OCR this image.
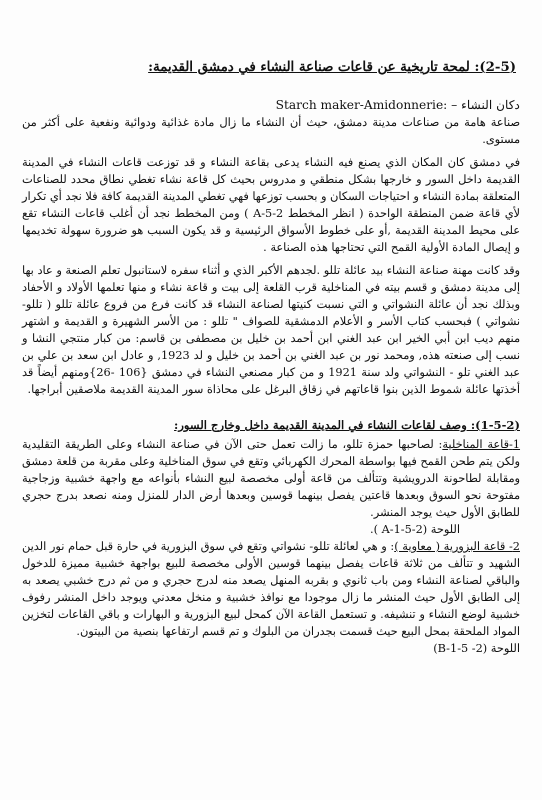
(2-5): لمحة تاريخية عن قاعات صناعة النشاء في دمشق القديمة:
دكان النشاء – Starch maker-Amidonnerie:

صناعة هامة من صناعات مدينة دمشق، حيث أن النشاء ما زال مادة غذائية ودوائية ونفعية على أكثر من مستوى.

في دمشق كان المكان الذي يصنع فيه النشاء يدعى بقاعة النشاء و قد توزعت قاعات النشاء في المدينة القديمة داخل السور و خارجها بشكل منطقي و مدروس بحيث كل قاعة نشاء تغطي نطاق محدد للصناعات المتعلقة بمادة النشاء و احتياجات السكان و بحسب توزعها فهي تغطي المدينة القديمة كافة فلا نجد أي تكرار لأي قاعة ضمن المنطقة الواحدة ( انظر المخطط A-5-2 ) ومن المخطط نجد أن أغلب قاعات النشاء تقع على محيط المدينة القديمة ,أو على خطوط الأسواق الرئيسية و قد يكون السبب هو ضرورة سهولة تخديمها و إيصال المادة الأولية القمح التي تحتاجها هذه الصناعة .

وقد كانت مهنة صناعة النشاء بيد عائلة تللو .لجدهم الأكبر الذي و أثناء سفره لاستانبول تعلم الصنعة و عاد بها إلى مدينة دمشق و قسم بيته في المناخلية قرب القلعة إلى بيت و قاعة نشاء و منها تعلمها الأولاد و الأحفاد وبذلك نجد أن عائلة النشواتي و التي نسبت كنيتها لصناعة النشاء قد كانت فرع من فروع عائلة تللو ( تللو- نشواتي ) فبحسب كتاب الأسر و الأعلام الدمشقية للصواف " تللو : من الأسر الشهيرة و القديمة و اشتهر منهم ديب ابن أبي الخير ابن عبد الغني ابن أحمد بن خليل بن مصطفى بن قاسم: من كبار منتجي النشا و نسب إلى صنعته هذه, ومحمد نور بن عبد الغني بن أحمد بن خليل و لد 1923, و عادل ابن سعد بن علي بن عبد الغني تلو - النشواتي ولد سنة 1921 و من كبار مصنعي النشاء في دمشق {106 -26}ومنهم أيضاً قد أخذتها عائلة شموط الذين بنوا قاعاتهم في زقاق البرغل على محاذاة سور المدينة القديمة ملاصقين أبراجها.

(1-5-2): وصف لقاعات النشاء في المدينة القديمة داخل وخارج السور:

1-قاعة المناخلية: لصاحبها حمزة تللو، ما زالت تعمل حتى الآن في صناعة النشاء وعلى الطريقة التقليدية ولكن يتم طحن القمح فيها بواسطة المحرك الكهربائي وتقع في سوق المناخلية وعلى مقربة من قلعة دمشق ومقابلة لطاحونة الدرويشية وتتألف من قاعة أولى مخصصة لبيع النشاء بأنواعه مع واجهة خشبية وزجاجية مفتوحة نحو السوق وبعدها قاعتين يفصل بينهما قوسين وبعدها أرض الدار للمنزل ومنه نصعد بدرج حجري للطابق الأول حيث يوجد المنشر.

اللوحة (A-1-5-2 ).

2- قاعة البزورية ( معاوية ): و هي لعائلة تللو- نشواتي وتقع في سوق البزورية في حارة قبل حمام نور الدين الشهيد و تتألف من ثلاثة قاعات يفصل بينهما قوسين الأولى مخصصة للبيع بواجهة خشبية مميزة للدخول والباقي لصناعة النشاء ومن باب ثانوي و بقربه المنهل يصعد منه لدرج حجري و من ثم درج خشبي يصعد به إلى الطابق الأول حيث المنشر ما زال موجودا مع نوافذ خشبية و منخل معدني ويوجد داخل المنشر رفوف خشبية لوضع النشاء و تنشيفه. و تستعمل القاعة الآن كمحل لبيع البزورية و البهارات و باقي القاعات لتخزين المواد الملحقة بمحل البيع حيث قسمت بجدران من البلوك و تم قسم ارتفاعها بنصية من البيتون.

اللوحة (B-1-5 -2)
